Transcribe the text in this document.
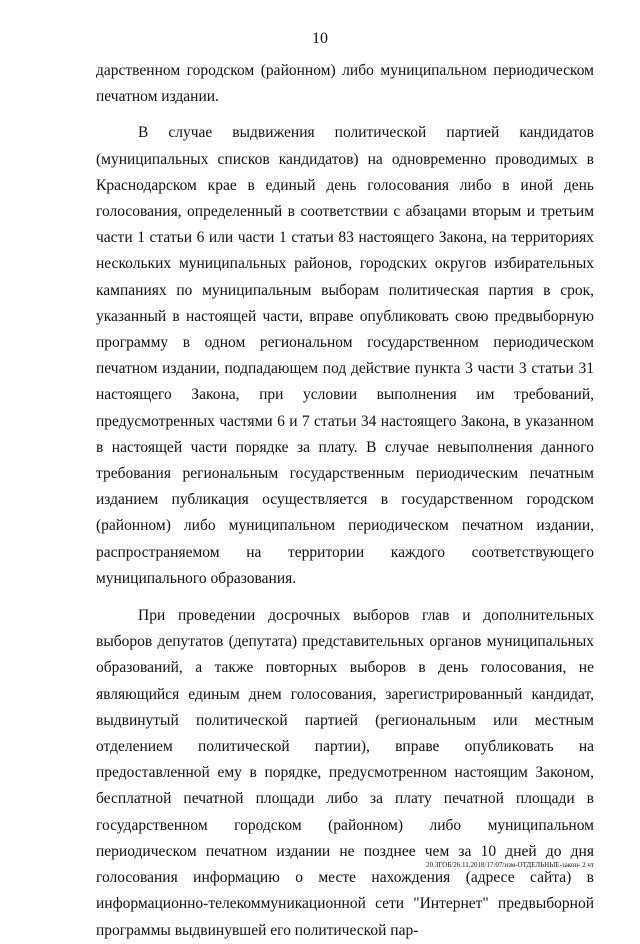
10

дарственном городском (районном) либо муниципальном периодическом печатном издании.

В случае выдвижения политической партией кандидатов (муниципальных списков кандидатов) на одновременно проводимых в Краснодарском крае в единый день голосования либо в иной день голосования, определенный в соответствии с абзацами вторым и третьим части 1 статьи 6 или части 1 статьи 83 настоящего Закона, на территориях нескольких муниципальных районов, городских округов избирательных кампаниях по муниципальным выборам политическая партия в срок, указанный в настоящей части, вправе опубликовать свою предвыборную программу в одном региональном государственном периодическом печатном издании, подпадающем под действие пункта 3 части 3 статьи 31 настоящего Закона, при условии выполнения им требований, предусмотренных частями 6 и 7 статьи 34 настоящего Закона, в указанном в настоящей части порядке за плату. В случае невыполнения данного требования региональным государственным периодическим печатным изданием публикация осуществляется в государственном городском (районном) либо муниципальном периодическом печатном издании, распространяемом на территории каждого соответствующего муниципального образования.

При проведении досрочных выборов глав и дополнительных выборов депутатов (депутата) представительных органов муниципальных образований, а также повторных выборов в день голосования, не являющийся единым днем голосования, зарегистрированный кандидат, выдвинутый политической партией (региональным или местным отделением политической партии), вправе опубликовать на предоставленной ему в порядке, предусмотренном настоящим Законом, бесплатной печатной площади либо за плату печатной площади в государственном городском (районном) либо муниципальном периодическом печатном издании не позднее чем за 10 дней до дня голосования информацию о месте нахождения (адресе сайта) в информационно-телекоммуникационной сети "Интернет" предвыборной программы выдвинувшей его политической пар-

20.3ГОБ/26.11.2018/17:07/изм-ОТДЕЛЬНЫЕ-закон- 2 чт
